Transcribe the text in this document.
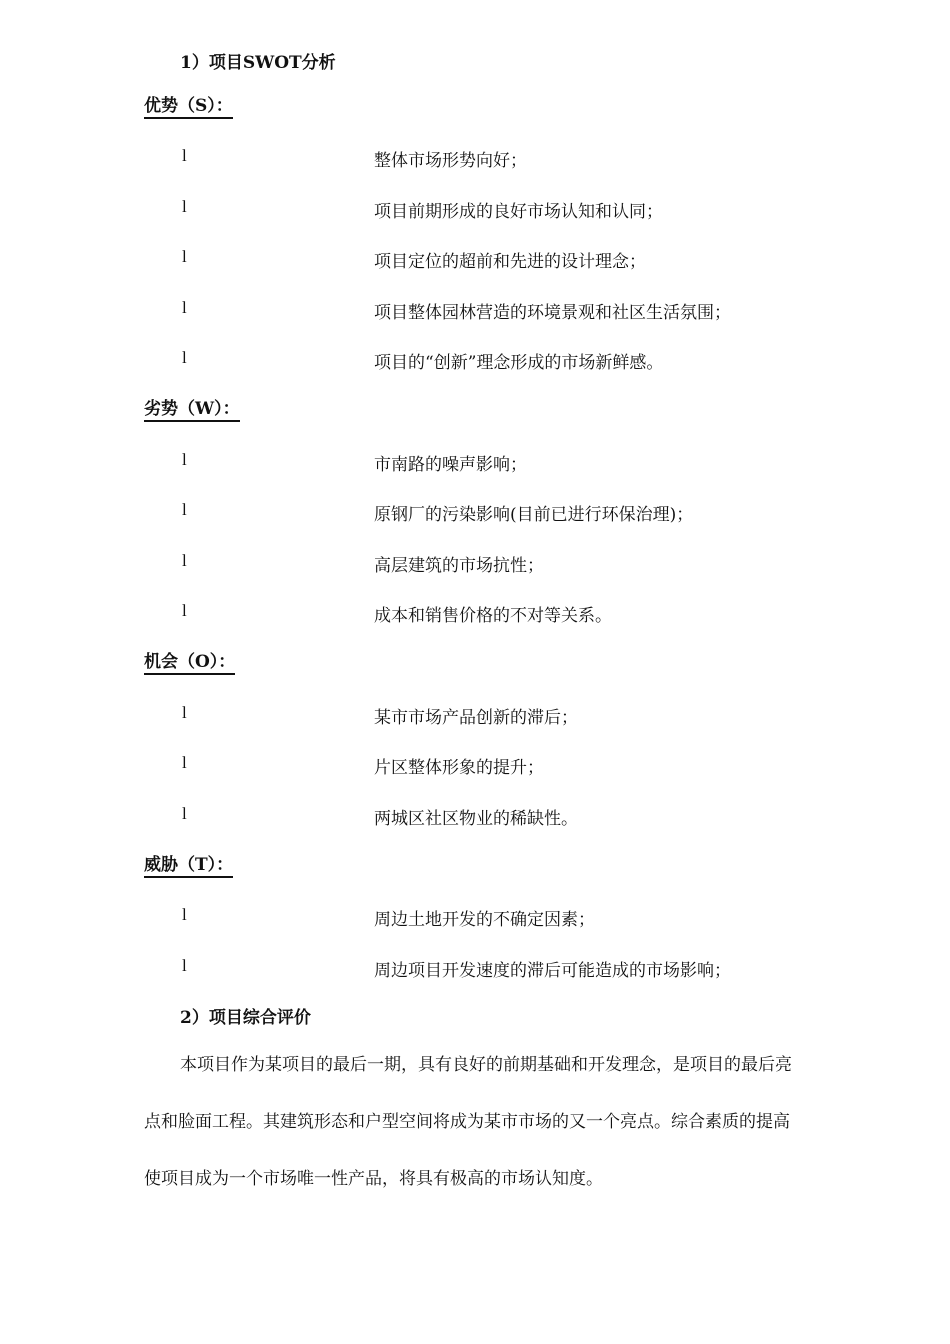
1）项目SWOT分析
优势（S）：
l	整体市场形势向好；
l	项目前期形成的良好市场认知和认同；
l	项目定位的超前和先进的设计理念；
l	项目整体园林营造的环境景观和社区生活氛围；
l	项目的“创新”理念形成的市场新鲜感。
劣势（W）：
l	市南路的噪声影响；
l	原钢厂的污染影响(目前已进行环保治理)；
l	高层建筑的市场抗性；
l	成本和销售价格的不对等关系。
机会（O）：
l	某市市场产品创新的滞后；
l	片区整体形象的提升；
l	两城区社区物业的稀缺性。
威胁（T）：
l	周边土地开发的不确定因素；
l	周边项目开发速度的滞后可能造成的市场影响；
2）项目综合评价
本项目作为某项目的最后一期，具有良好的前期基础和开发理念，是项目的最后亮
点和脸面工程。其建筑形态和户型空间将成为某市市场的又一个亮点。综合素质的提高
使项目成为一个市场唯一性产品，将具有极高的市场认知度。
